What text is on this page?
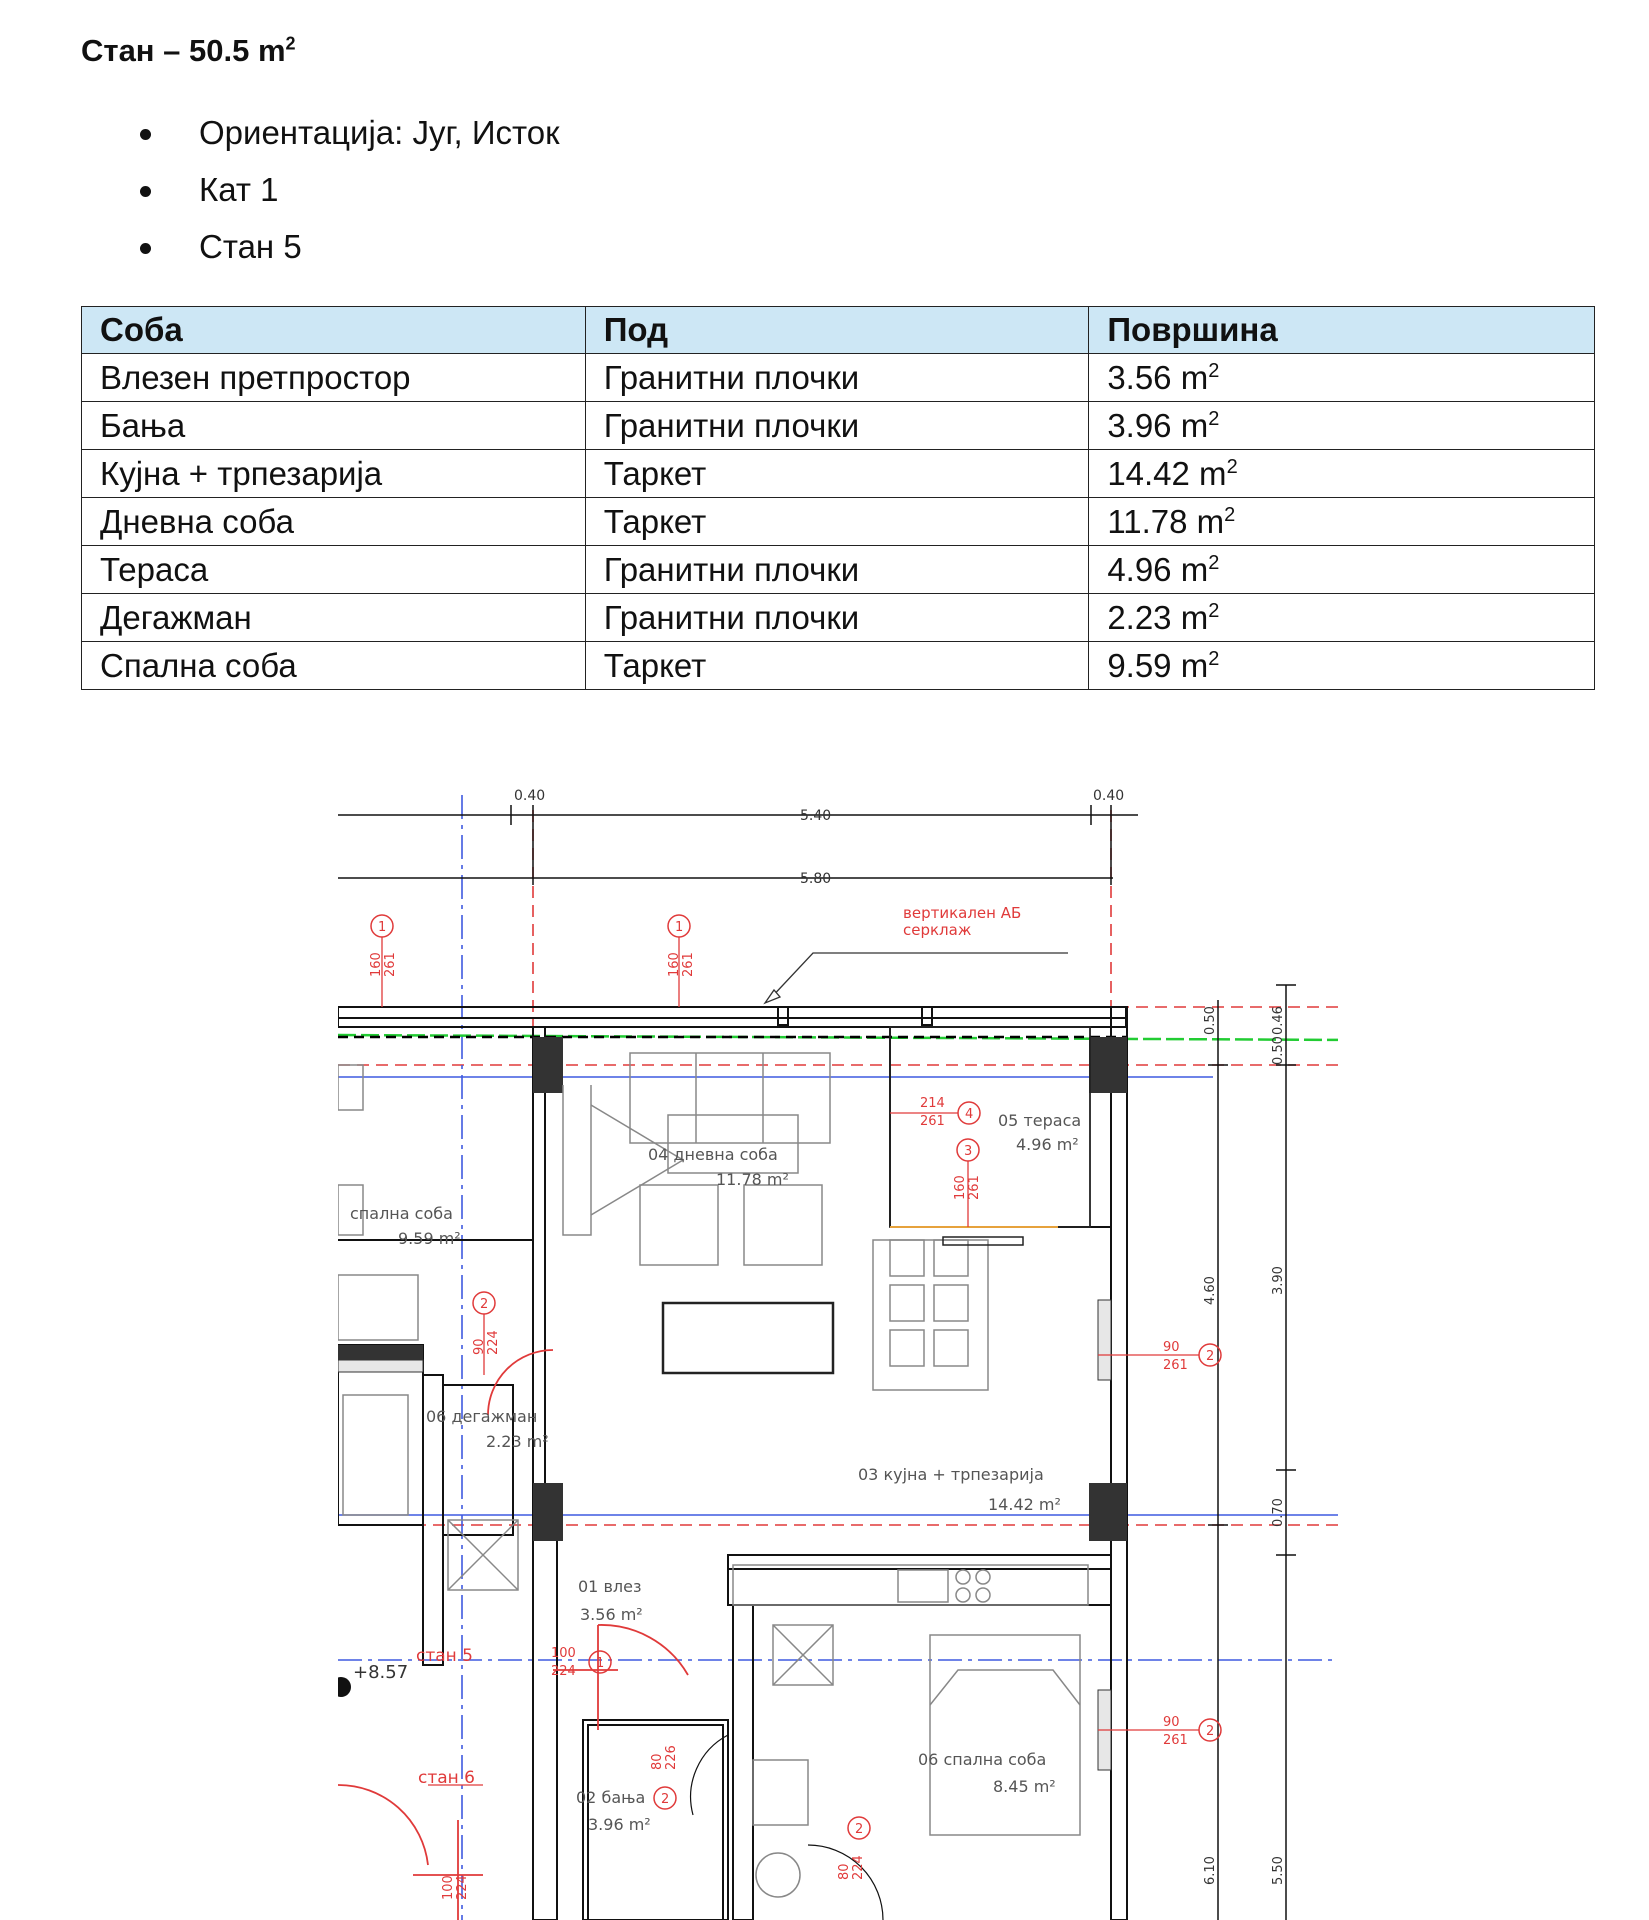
Стан – 50.5 $m^2$
Ориентација: Југ, Исток
Кат 1
Стан 5
Соба	Под	Површина
Влезен претпростор	Гранитни плочки	3.56 $m^2$
Бања	Гранитни плочки	3.96 $m^2$
Кујна + трпезарија	Таркет	14.42 $m^2$
Дневна соба	Таркет	11.78 $m^2$
Тераса	Гранитни плочки	4.96 $m^2$
Дегажман	Гранитни плочки	2.23 $m^2$
Спална соба	Таркет	9.59 $m^2$
0.40
5.40
0.40
5.80
0.50	0.46
0.50
4.60	3.90
0.70
6.10	5.50
вертикален АБ
серклаж
04 дневна соба
11.78 m²
05 тераса
4.96 m²
спална соба
9.59 m²
06 дегажман
2.23 m²
03 кујна + трпезарија
14.42 m²
01 влез
3.56 m²
02 бања
3.96 m²
06 спална соба
8.45 m²
стан 5
стан 6
+8.57
1
160 261
1
160 261
4
214
261
3
160 261
2
90
261
2
90
261
2
90 224
1
100
224
2
80 226
2
80 224
100 224
